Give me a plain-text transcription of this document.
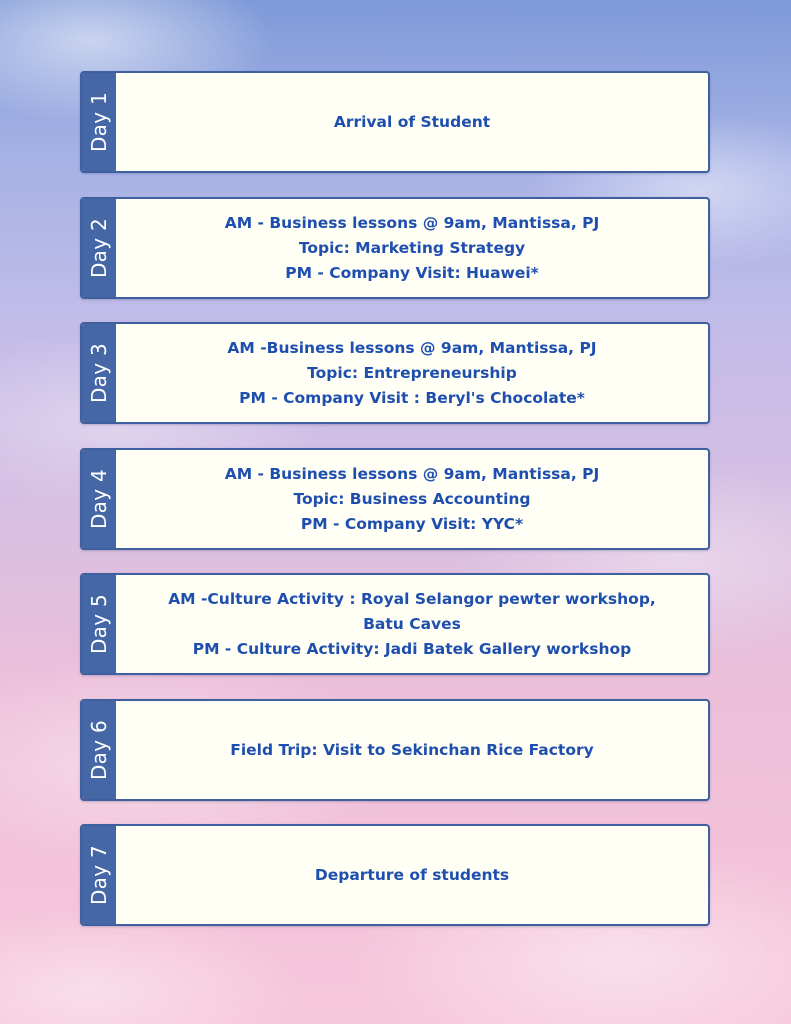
Day 1	Arrival of Student
Day 2	AM - Business lessons @ 9am, Mantissa, PJ
Topic: Marketing Strategy
PM - Company Visit: Huawei*
Day 3	AM -Business lessons @ 9am, Mantissa, PJ
Topic: Entrepreneurship
PM - Company Visit : Beryl's Chocolate*
Day 4	AM - Business lessons @ 9am, Mantissa, PJ
Topic: Business Accounting
PM - Company Visit: YYC*
Day 5	AM -Culture Activity : Royal Selangor pewter workshop,
Batu Caves
PM - Culture Activity: Jadi Batek Gallery workshop
Day 6	Field Trip: Visit to Sekinchan Rice Factory
Day 7	Departure of students
